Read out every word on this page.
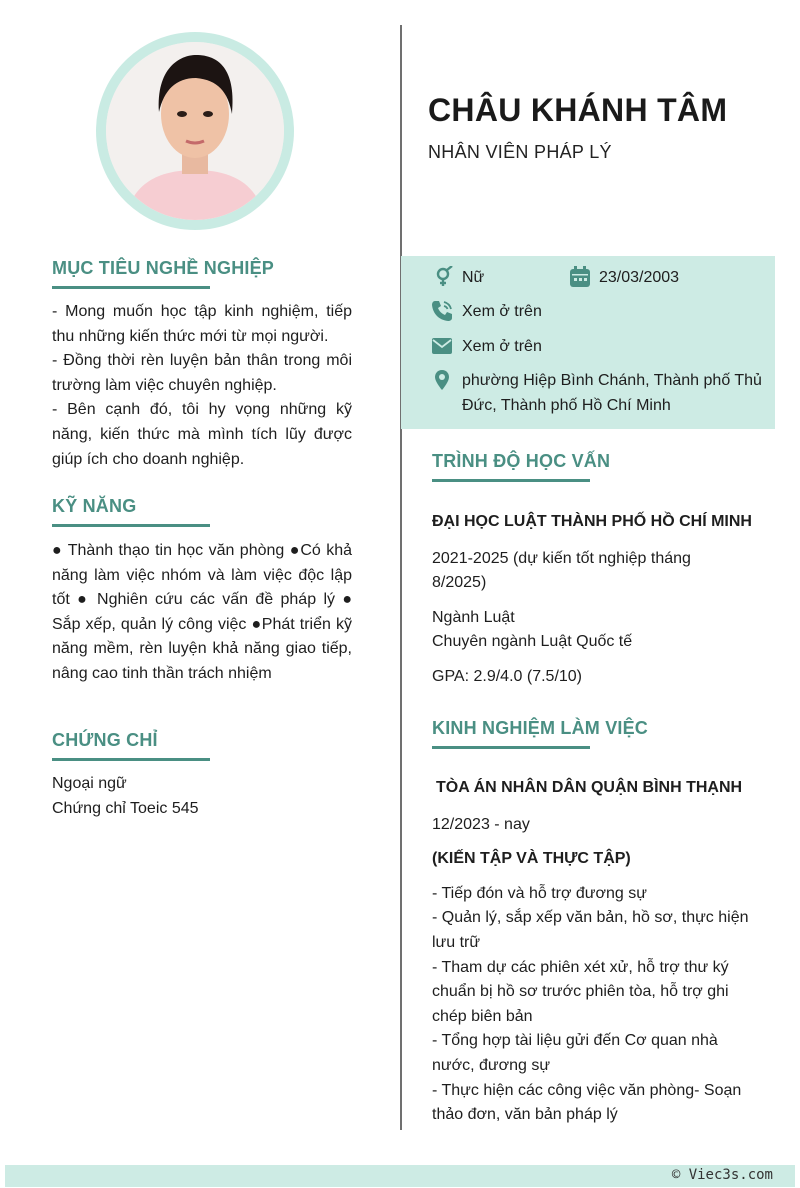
MỤC TIÊU NGHỀ NGHIỆP

- Mong muốn học tập kinh nghiệm, tiếp thu những kiến thức mới từ mọi người.

- Đồng thời rèn luyện bản thân trong môi trường làm việc chuyên nghiệp.

- Bên cạnh đó, tôi hy vọng những kỹ năng, kiến thức mà mình tích lũy được giúp ích cho doanh nghiệp.

KỸ NĂNG

● Thành thạo tin học văn phòng ●Có khả năng làm việc nhóm và làm việc độc lập tốt ● Nghiên cứu các vấn đề pháp lý ● Sắp xếp, quản lý công việc ●Phát triển kỹ năng mềm, rèn luyện khả năng giao tiếp, nâng cao tinh thần trách nhiệm

CHỨNG CHỈ

Ngoại ngữ

Chứng chỉ Toeic 545

CHÂU KHÁNH TÂM
NHÂN VIÊN PHÁP LÝ
Nữ	23/03/2003
Xem ở trên
Xem ở trên
phường Hiệp Bình Chánh, Thành phố Thủ Đức, Thành phố Hồ Chí Minh
TRÌNH ĐỘ HỌC VẤN

ĐẠI HỌC LUẬT THÀNH PHỐ HỒ CHÍ MINH

2021-2025 (dự kiến tốt nghiệp tháng 8/2025)

Ngành Luật

Chuyên ngành Luật Quốc tế

GPA: 2.9/4.0 (7.5/10)

KINH NGHIỆM LÀM VIỆC

TÒA ÁN NHÂN DÂN QUẬN BÌNH THẠNH

12/2023 - nay

(KIẾN TẬP VÀ THỰC TẬP)

- Tiếp đón và hỗ trợ đương sự

- Quản lý, sắp xếp văn bản, hồ sơ, thực hiện lưu trữ

- Tham dự các phiên xét xử, hỗ trợ thư ký chuẩn bị hồ sơ trước phiên tòa, hỗ trợ ghi chép biên bản

- Tổng hợp tài liệu gửi đến Cơ quan nhà nước, đương sự

- Thực hiện các công việc văn phòng- Soạn thảo đơn, văn bản pháp lý

© Viec3s.com
